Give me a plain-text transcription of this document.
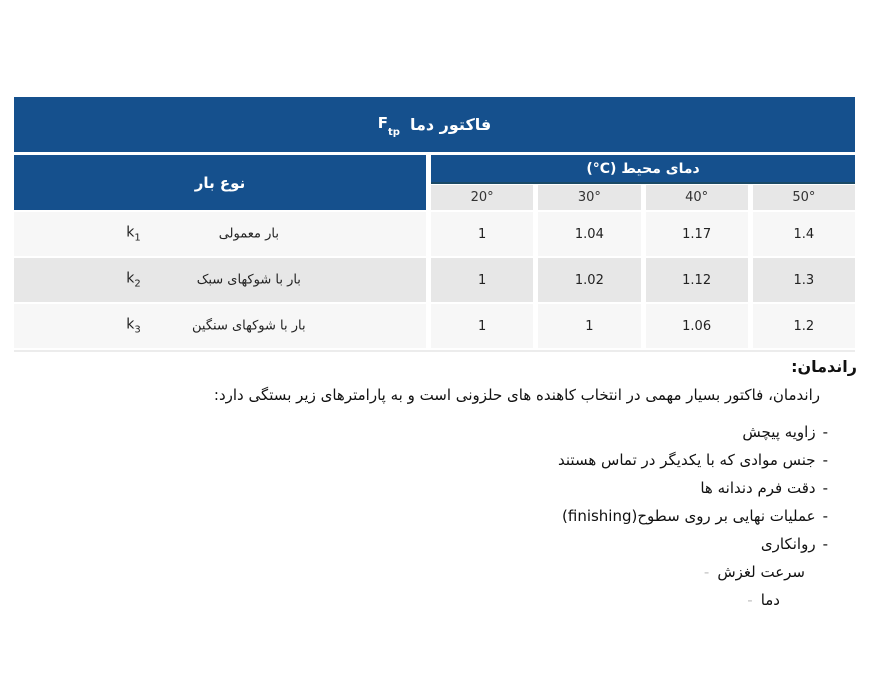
فاکتور دما
$F_{tp}$
نوع بار
دمای محیط
(°C)
20°	30°	40°	50°
$k_1$	بار معمولی	1	1.04	1.17	1.4
$k_2$	بار با شوکهای سبک	1	1.02	1.12	1.3
$k_3$	بار با شوکهای سنگین	1	1	1.06	1.2

راندمان:

راندمان، فاکتور بسیار مهمی در انتخاب کاهنده های حلزونی است و به پارامترهای زیر بستگی دارد:

-زاویه پیچش
-جنس موادی که با یکدیگر در تماس هستند
-دقت فرم دندانه ها
-عملیات نهایی بر روی سطوح(finishing)
-روانکاری
سرعت لغزش-
دما-
